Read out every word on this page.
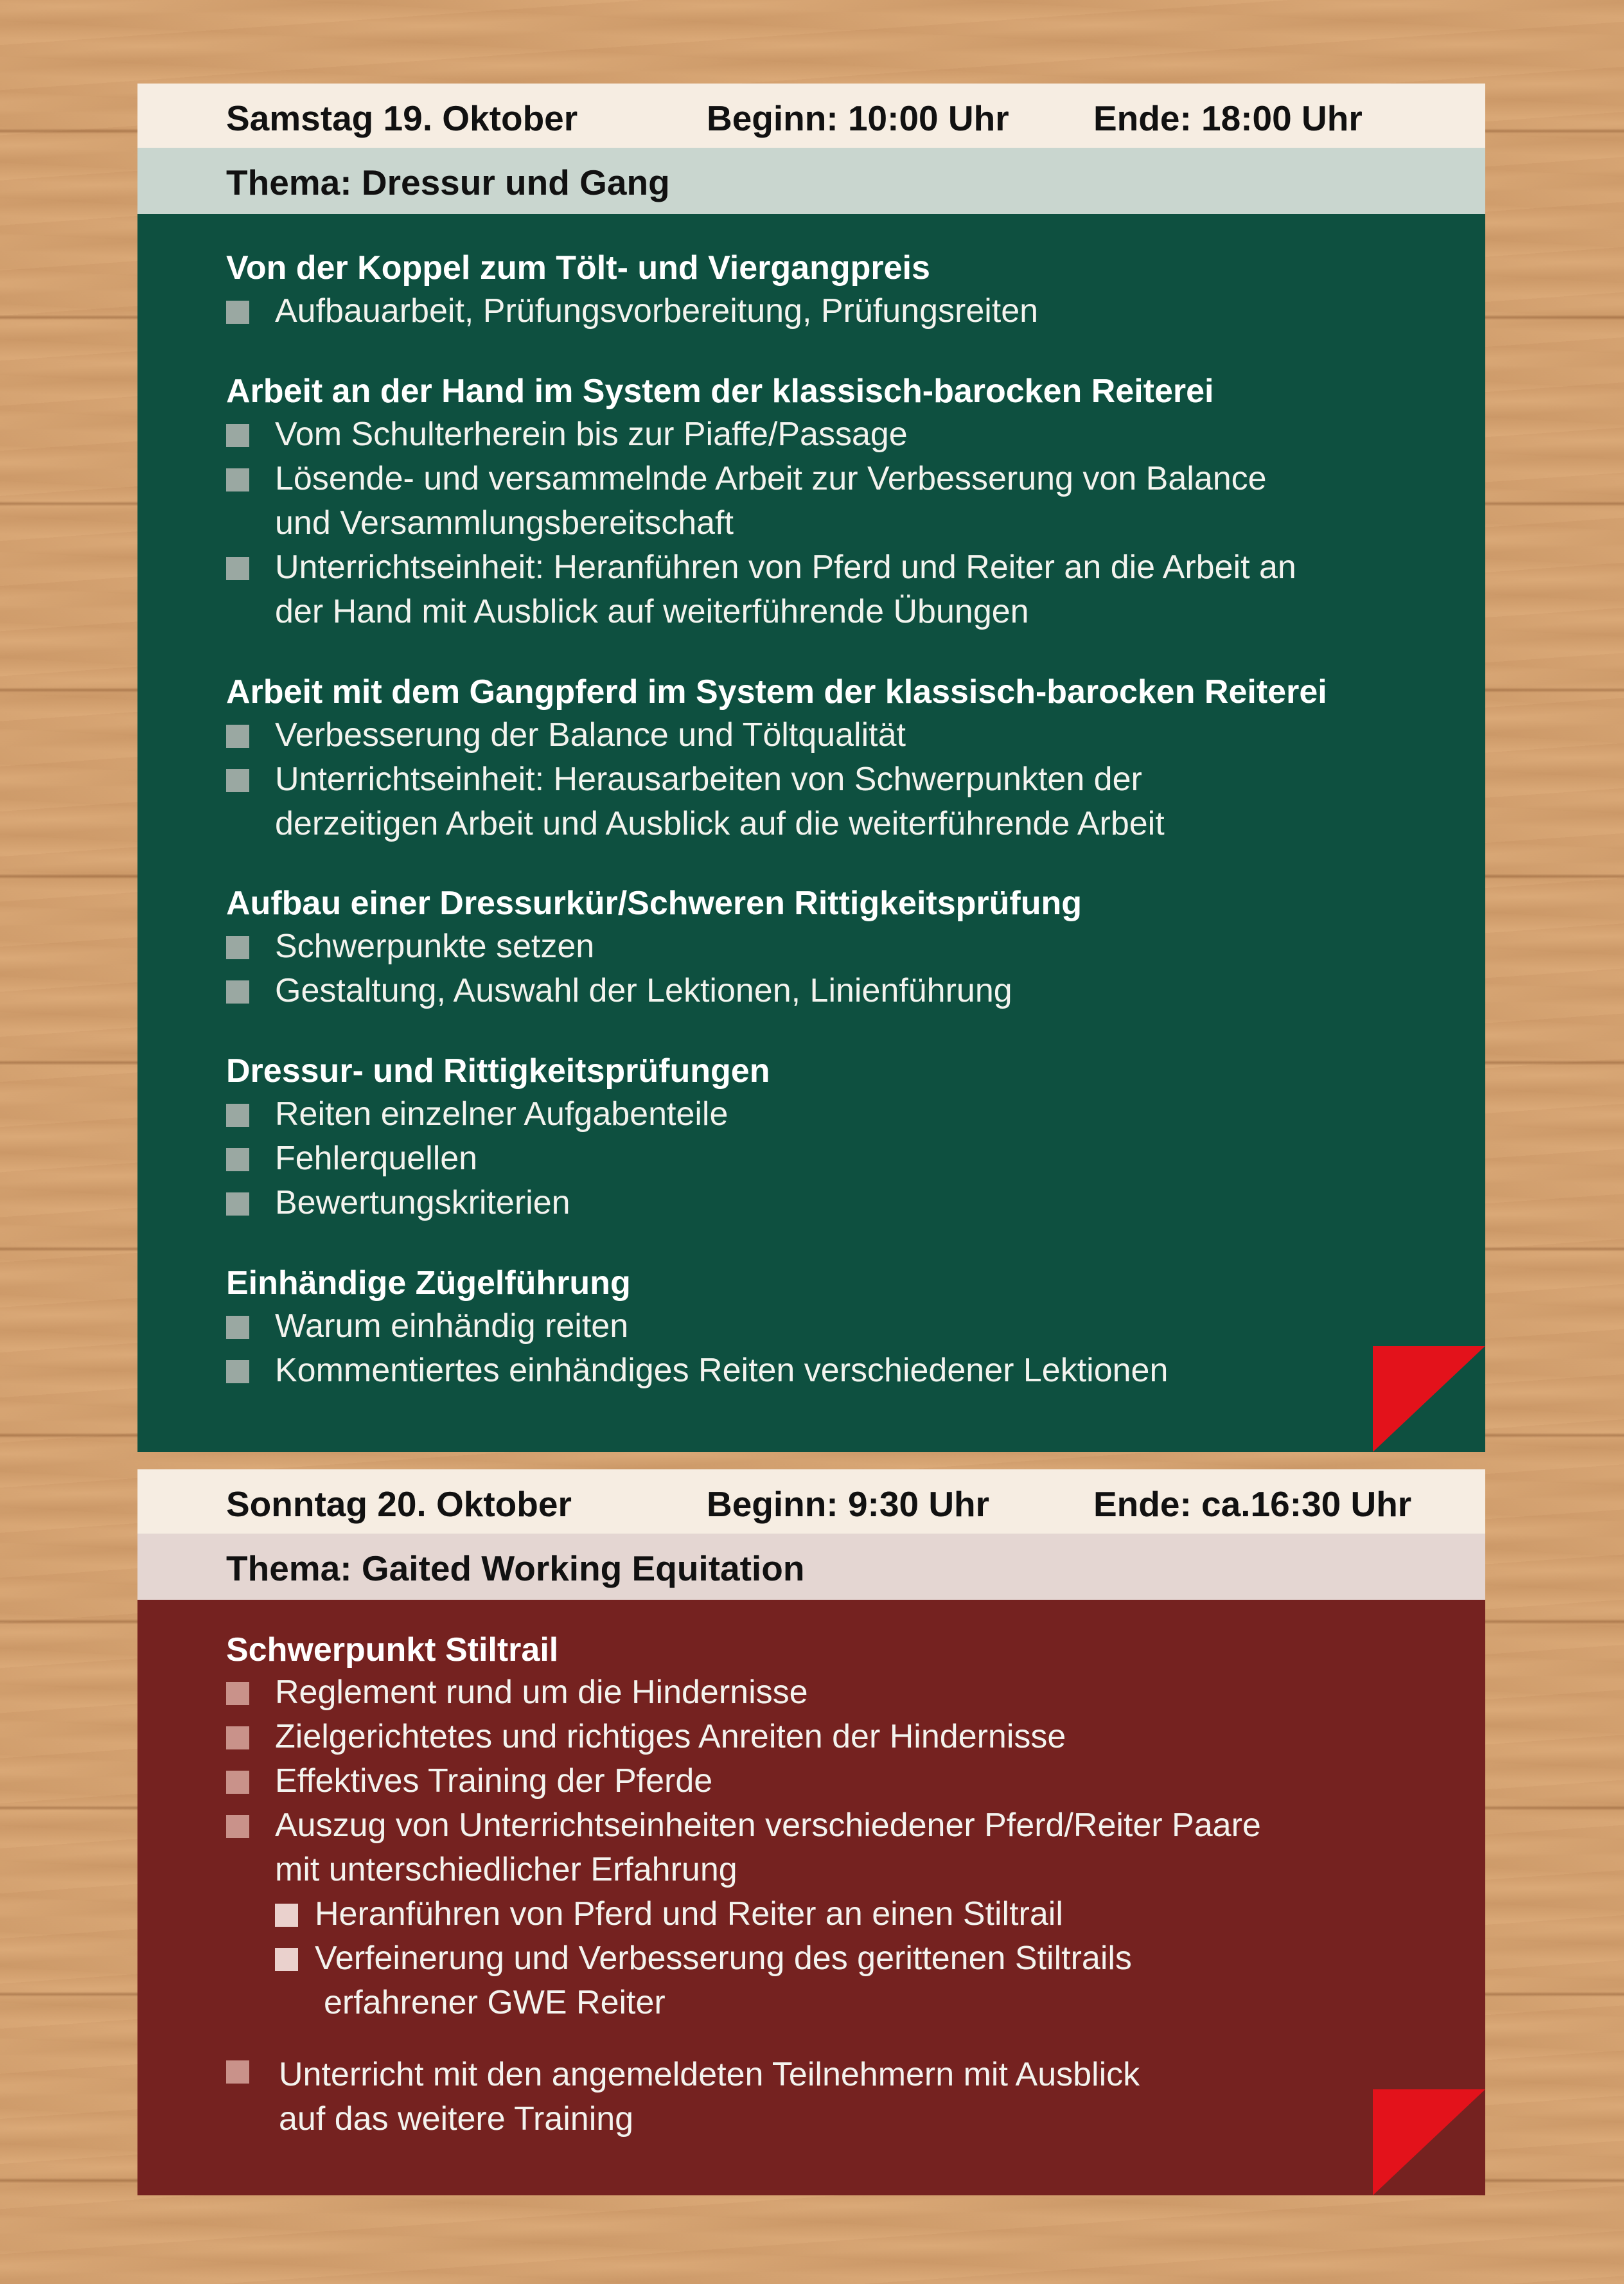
Samstag 19. Oktober	Beginn: 10:00 Uhr Ende: 18:00 Uhr
Thema: Dressur und Gang
Von der Koppel zum Tölt- und Viergangpreis
Aufbauarbeit, Prüfungsvorbereitung, Prüfungsreiten
Arbeit an der Hand im System der klassisch-barocken Reiterei
Vom Schulterherein bis zur Piaffe/Passage
Lösende- und versammelnde Arbeit zur Verbesserung von Balance
und Versammlungsbereitschaft
Unterrichtseinheit: Heranführen von Pferd und Reiter an die Arbeit an
der Hand mit Ausblick auf weiterführende Übungen
Arbeit mit dem Gangpferd im System der klassisch-barocken Reiterei
Verbesserung der Balance und Töltqualität
Unterrichtseinheit: Herausarbeiten von Schwerpunkten der
derzeitigen Arbeit und Ausblick auf die weiterführende Arbeit
Aufbau einer Dressurkür/Schweren Rittigkeitsprüfung
Schwerpunkte setzen
Gestaltung, Auswahl der Lektionen, Linienführung
Dressur- und Rittigkeitsprüfungen
Reiten einzelner Aufgabenteile
Fehlerquellen
Bewertungskriterien
Einhändige Zügelführung
Warum einhändig reiten
Kommentiertes einhändiges Reiten verschiedener Lektionen
Sonntag 20. Oktober	Beginn: 9:30 Uhr	Ende: ca.16:30 Uhr
Thema: Gaited Working Equitation
Schwerpunkt Stiltrail
Reglement rund um die Hindernisse
Zielgerichtetes und richtiges Anreiten der Hindernisse
Effektives Training der Pferde
Auszug von Unterrichtseinheiten verschiedener Pferd/Reiter Paare
mit unterschiedlicher Erfahrung
Heranführen von Pferd und Reiter an einen Stiltrail
Verfeinerung und Verbesserung des gerittenen Stiltrails
erfahrener GWE Reiter
Unterricht mit den angemeldeten Teilnehmern mit Ausblick
auf das weitere Training
